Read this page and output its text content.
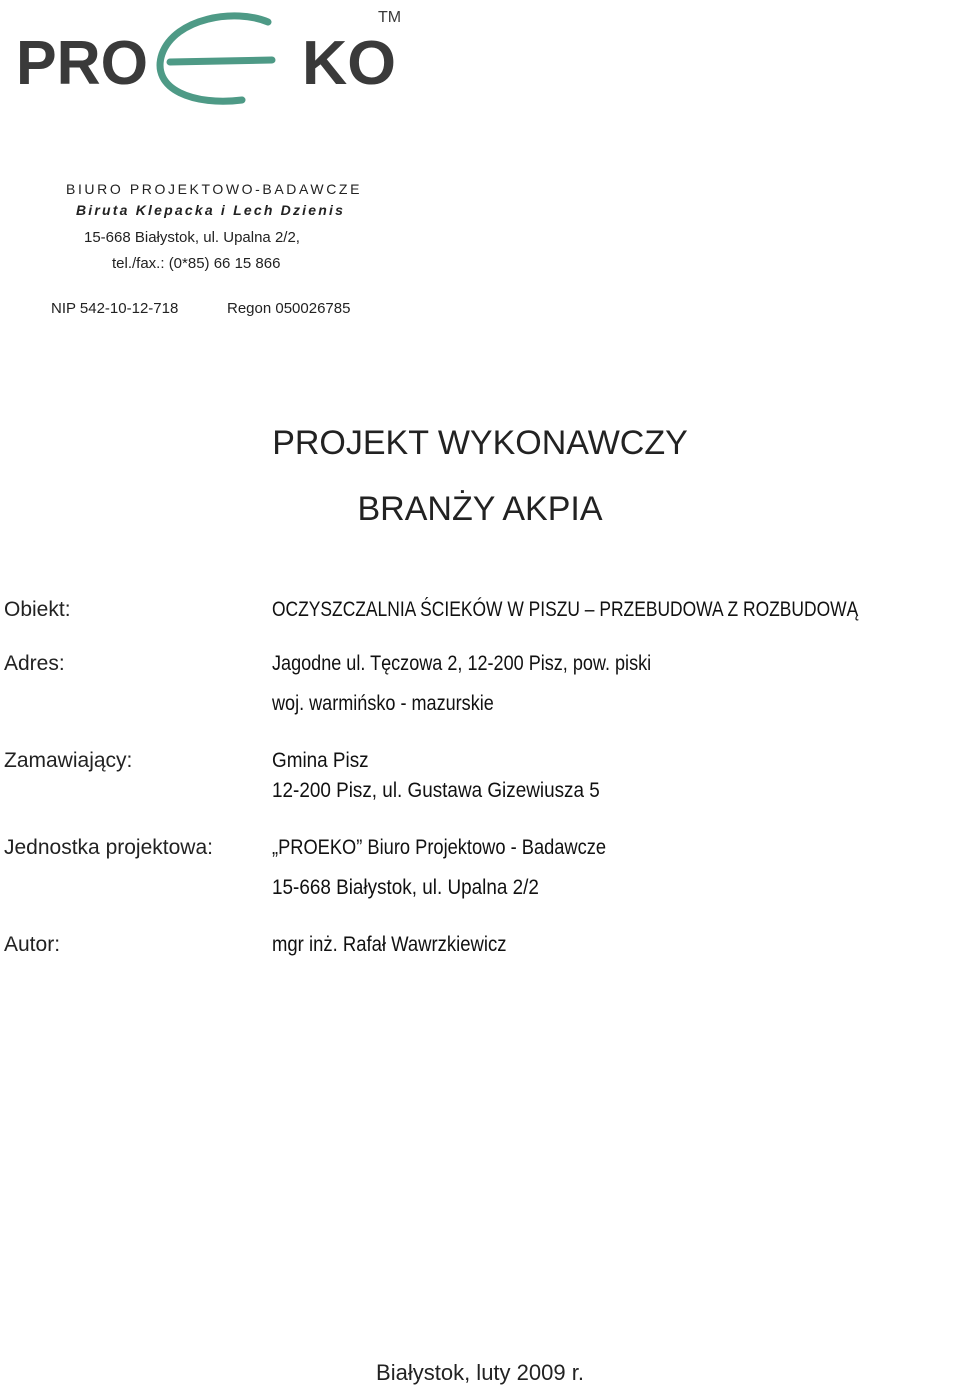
PRO KO
TM
BIURO PROJEKTOWO-BADAWCZE
Biruta Klepacka i Lech Dzienis
15-668 Białystok, ul. Upalna 2/2,
tel./fax.: (0*85) 66 15 866
NIP 542-10-12-718	Regon 050026785
PROJEKT WYKONAWCZY
BRANŻY AKPIA
Obiekt:	OCZYSZCZALNIA ŚCIEKÓW W PISZU – PRZEBUDOWA Z ROZBUDOWĄ
Adres:	Jagodne ul. Tęczowa 2, 12-200 Pisz, pow. piski
woj. warmińsko - mazurskie
Zamawiający:	Gmina Pisz
12-200 Pisz, ul. Gustawa Gizewiusza 5
Jednostka projektowa:	„PROEKO” Biuro Projektowo - Badawcze
15-668 Białystok, ul. Upalna 2/2
Autor:	mgr inż. Rafał Wawrzkiewicz
Białystok, luty 2009 r.
